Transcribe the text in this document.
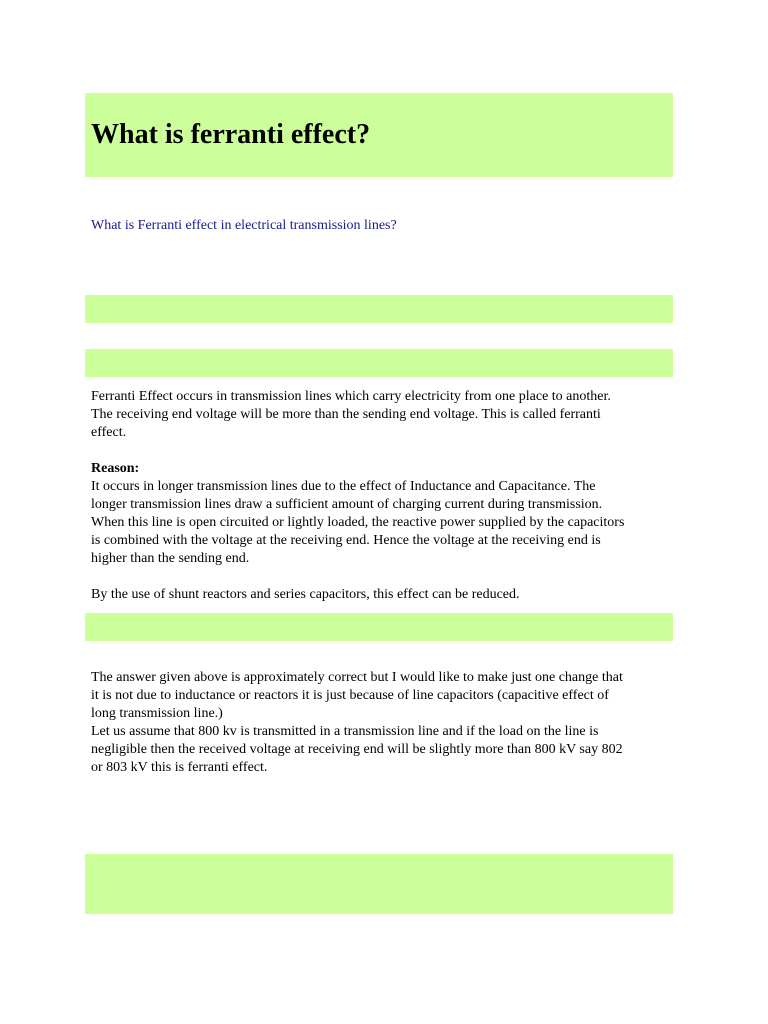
What is ferranti effect?
What is Ferranti effect in electrical transmission lines?

Ferranti Effect occurs in transmission lines which carry electricity from one place to another.

The receiving end voltage will be more than the sending end voltage. This is called ferranti

effect.

Reason:

It occurs in longer transmission lines due to the effect of Inductance and Capacitance. The

longer transmission lines draw a sufficient amount of charging current during transmission.

When this line is open circuited or lightly loaded, the reactive power supplied by the capacitors

is combined with the voltage at the receiving end. Hence the voltage at the receiving end is

higher than the sending end.

By the use of shunt reactors and series capacitors, this effect can be reduced.

The answer given above is approximately correct but I would like to make just one change that

it is not due to inductance or reactors it is just because of line capacitors (capacitive effect of

long transmission line.)

Let us assume that 800 kv is transmitted in a transmission line and if the load on the line is

negligible then the received voltage at receiving end will be slightly more than 800 kV say 802

or 803 kV this is ferranti effect.
